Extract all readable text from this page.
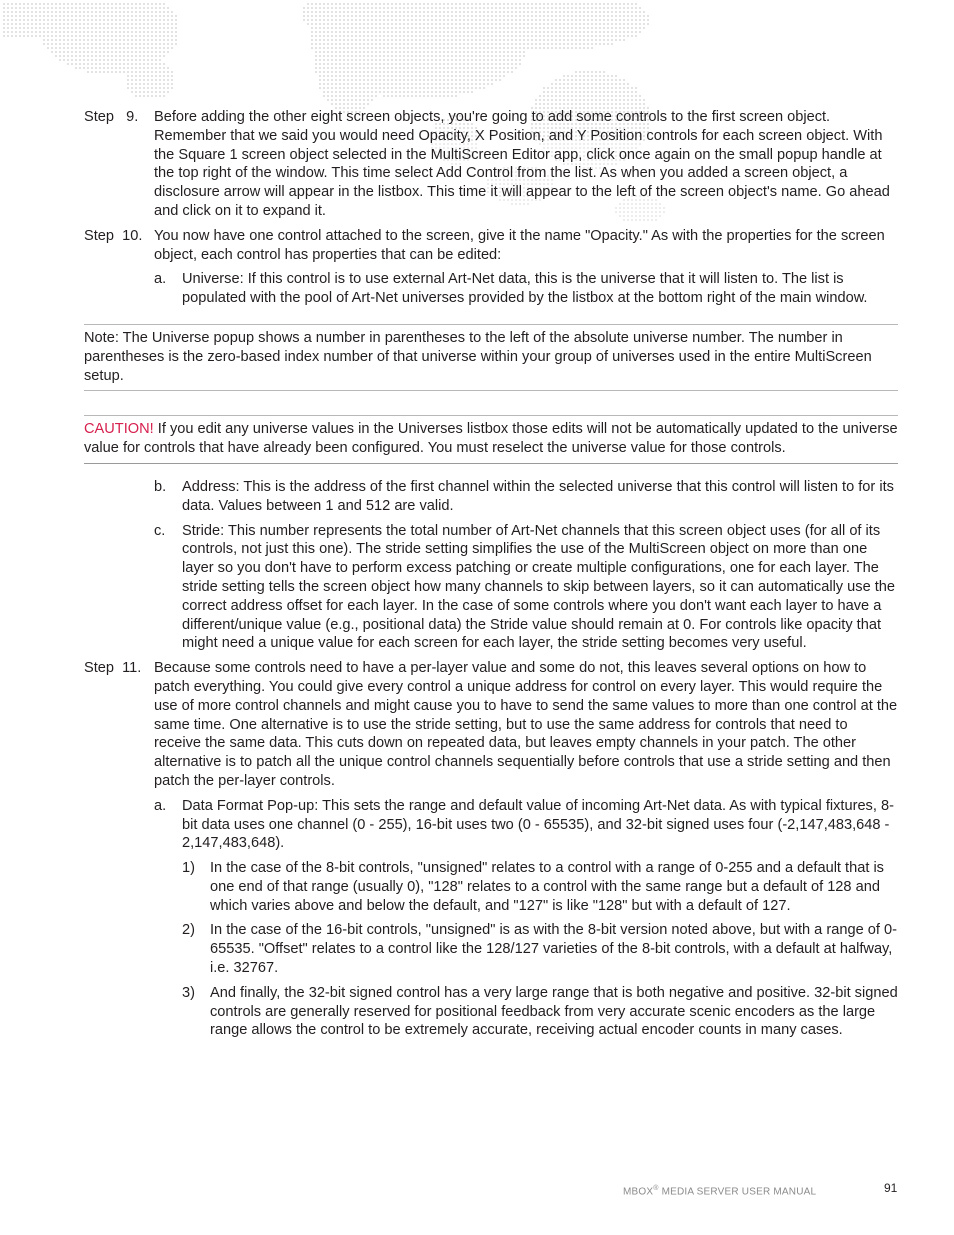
Step   9. Before adding the other eight screen objects, you're going to add some controls to the first screen object. Remember that we said you would need Opacity, X Position, and Y Position controls for each screen object. With the Square 1 screen object selected in the MultiScreen Editor app, click once again on the small popup handle at the top right of the window. This time select Add Control from the list. As when you added a screen object, a disclosure arrow will appear in the listbox. This time it will appear to the left of the screen object's name. Go ahead and click on it to expand it.
Step  10. You now have one control attached to the screen, give it the name "Opacity." As with the properties for the screen object, each control has properties that can be edited:
a. Universe: If this control is to use external Art-Net data, this is the universe that it will listen to. The list is populated with the pool of Art-Net universes provided by the listbox at the bottom right of the main window.
Note: The Universe popup shows a number in parentheses to the left of the absolute universe number. The number in parentheses is the zero-based index number of that universe within your group of universes used in the entire MultiScreen setup.
CAUTION! If you edit any universe values in the Universes listbox those edits will not be automatically updated to the universe value for controls that have already been configured. You must reselect the universe value for those controls.
b. Address: This is the address of the first channel within the selected universe that this control will listen to for its data. Values between 1 and 512 are valid.
c. Stride: This number represents the total number of Art-Net channels that this screen object uses (for all of its controls, not just this one). The stride setting simplifies the use of the MultiScreen object on more than one layer so you don't have to perform excess patching or create multiple configurations, one for each layer. The stride setting tells the screen object how many channels to skip between layers, so it can automatically use the correct address offset for each layer. In the case of some controls where you don't want each layer to have a different/unique value (e.g., positional data) the Stride value should remain at 0. For controls like opacity that might need a unique value for each screen for each layer, the stride setting becomes very useful.
Step  11. Because some controls need to have a per-layer value and some do not, this leaves several options on how to patch everything. You could give every control a unique address for control on every layer. This would require the use of more control channels and might cause you to have to send the same values to more than one control at the same time. One alternative is to use the stride setting, but to use the same address for controls that need to receive the same data. This cuts down on repeated data, but leaves empty channels in your patch. The other alternative is to patch all the unique control channels sequentially before controls that use a stride setting and then patch the per-layer controls.
a. Data Format Pop-up: This sets the range and default value of incoming Art-Net data. As with typical fixtures, 8-bit data uses one channel (0 - 255), 16-bit uses two (0 - 65535), and 32-bit signed uses four (-2,147,483,648 - 2,147,483,648).
1) In the case of the 8-bit controls, "unsigned" relates to a control with a range of 0-255 and a default that is one end of that range (usually 0), "128" relates to a control with the same range but a default of 128 and which varies above and below the default, and "127" is like "128" but with a default of 127.
2) In the case of the 16-bit controls, "unsigned" is as with the 8-bit version noted above, but with a range of 0-65535. "Offset" relates to a control like the 128/127 varieties of the 8-bit controls, with a default at halfway, i.e. 32767.
3) And finally, the 32-bit signed control has a very large range that is both negative and positive. 32-bit signed controls are generally reserved for positional feedback from very accurate scenic encoders as the large range allows the control to be extremely accurate, receiving actual encoder counts in many cases.
MBOX® MEDIA SERVER USER MANUAL	91
